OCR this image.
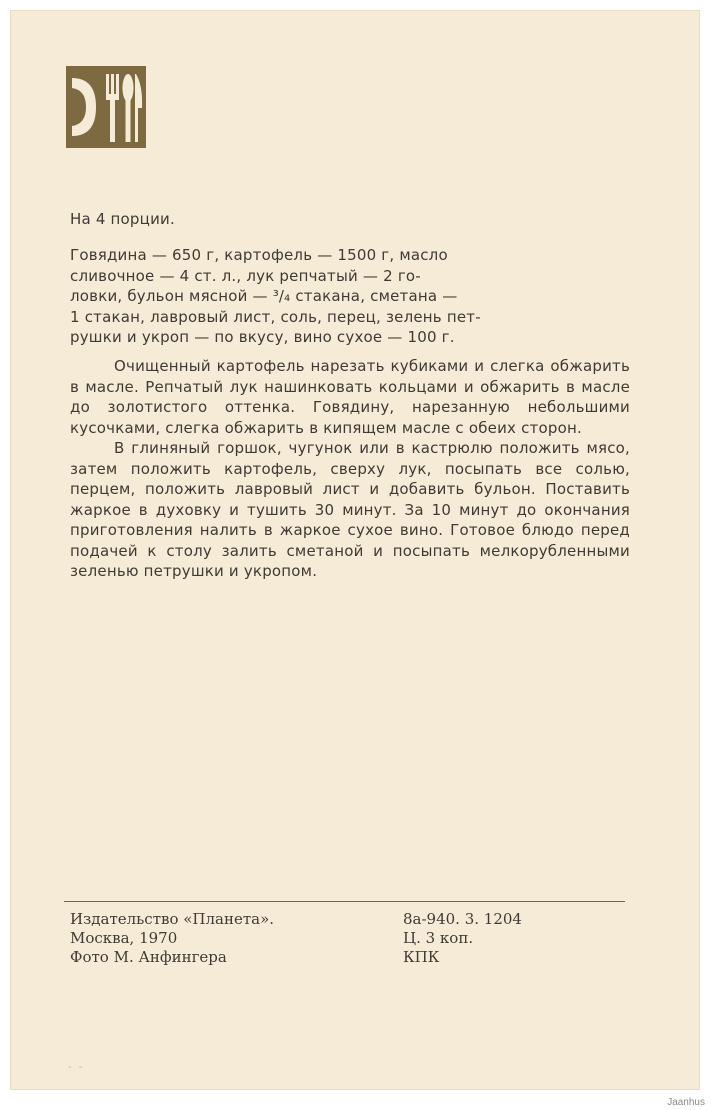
На 4 порции.
Говядина — 650 г, картофель — 1500 г, масло
сливочное — 4 ст. л., лук репчатый — 2 го-
ловки, бульон мясной — ³/₄ стакана, сметана —
1 стакан, лавровый лист, соль, перец, зелень пет-
рушки и укроп — по вкусу, вино сухое — 100 г.

Очищенный картофель нарезать кубиками и слегка обжарить в масле. Репчатый лук нашинковать кольцами и обжарить в масле до золотистого оттенка. Говядину, нарезанную небольшими кусочками, слегка обжарить в кипящем масле с обеих сторон.

В глиняный горшок, чугунок или в кастрюлю положить мясо, затем положить картофель, сверху лук, посыпать все солью, перцем, положить лавровый лист и добавить бульон. Поставить жаркое в духовку и тушить 30 минут. За 10 минут до окончания приготовления налить в жаркое сухое вино. Готовое блюдо перед подачей к столу залить сметаной и посыпать мелкорубленными зеленью петрушки и укропом.

Издательство «Планета».
Москва, 1970
Фото М. Анфингера
8а-940. 3. 1204
Ц. 3 коп.
КПК
- -
Jaanhus
